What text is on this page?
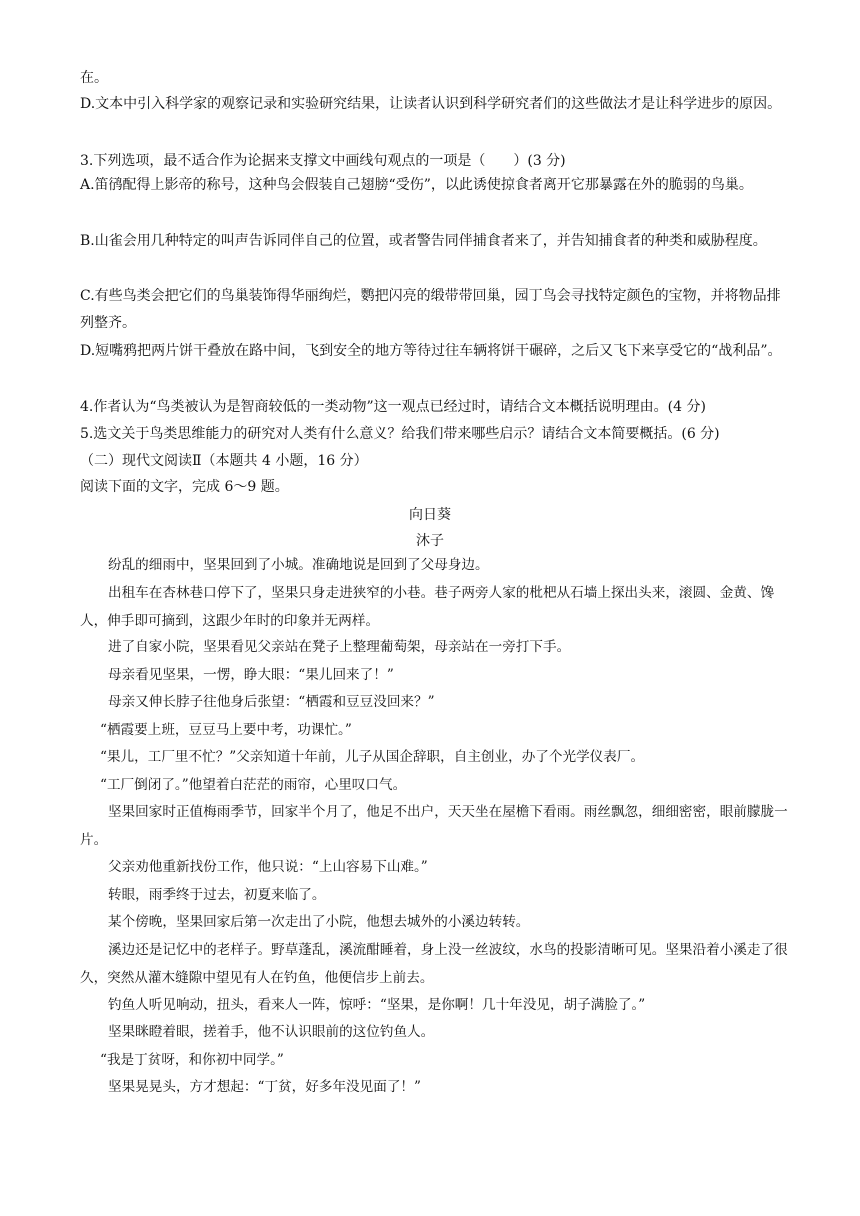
在。
D.文本中引入科学家的观察记录和实验研究结果，让读者认识到科学研究者们的这些做法才是让科学进步的原因。
3.下列选项，最不适合作为论据来支撑文中画线句观点的一项是（　　）(3 分)
A.笛鸻配得上影帝的称号，这种鸟会假装自己翅膀“受伤”，以此诱使掠食者离开它那暴露在外的脆弱的鸟巢。
B.山雀会用几种特定的叫声告诉同伴自己的位置，或者警告同伴捕食者来了，并告知捕食者的种类和威胁程度。
C.有些鸟类会把它们的鸟巢装饰得华丽绚烂，鹦把闪亮的缎带带回巢，园丁鸟会寻找特定颜色的宝物，并将物品排列整齐。
D.短嘴鸦把两片饼干叠放在路中间，飞到安全的地方等待过往车辆将饼干碾碎，之后又飞下来享受它的“战利品”。
4.作者认为“鸟类被认为是智商较低的一类动物”这一观点已经过时，请结合文本概括说明理由。(4 分)
5.选文关于鸟类思维能力的研究对人类有什么意义？给我们带来哪些启示？请结合文本简要概括。(6 分)
（二）现代文阅读Ⅱ（本题共 4 小题，16 分）
阅读下面的文字，完成 6～9 题。
向日葵
沐子
纷乱的细雨中，坚果回到了小城。准确地说是回到了父母身边。
出租车在杏林巷口停下了，坚果只身走进狭窄的小巷。巷子两旁人家的枇杷从石墙上探出头来，滚圆、金黄、馋人，伸手即可摘到，这跟少年时的印象并无两样。
进了自家小院，坚果看见父亲站在凳子上整理葡萄架，母亲站在一旁打下手。
母亲看见坚果，一愣，睁大眼：“果儿回来了！”
母亲又伸长脖子往他身后张望：“栖霞和豆豆没回来？”
“栖霞要上班，豆豆马上要中考，功课忙。”
“果儿，工厂里不忙？”父亲知道十年前，儿子从国企辞职，自主创业，办了个光学仪表厂。
“工厂倒闭了。”他望着白茫茫的雨帘，心里叹口气。
坚果回家时正值梅雨季节，回家半个月了，他足不出户，天天坐在屋檐下看雨。雨丝飘忽，细细密密，眼前朦胧一片。
父亲劝他重新找份工作，他只说：“上山容易下山难。”
转眼，雨季终于过去，初夏来临了。
某个傍晚，坚果回家后第一次走出了小院，他想去城外的小溪边转转。
溪边还是记忆中的老样子。野草蓬乱，溪流酣睡着，身上没一丝波纹，水鸟的投影清晰可见。坚果沿着小溪走了很久，突然从灌木缝隙中望见有人在钓鱼，他便信步上前去。
钓鱼人听见响动，扭头，看来人一阵，惊呼：“坚果，是你啊！几十年没见，胡子满脸了。”
坚果眯瞪着眼，搓着手，他不认识眼前的这位钓鱼人。
“我是丁贫呀，和你初中同学。”
坚果晃晃头，方才想起：“丁贫，好多年没见面了！”
